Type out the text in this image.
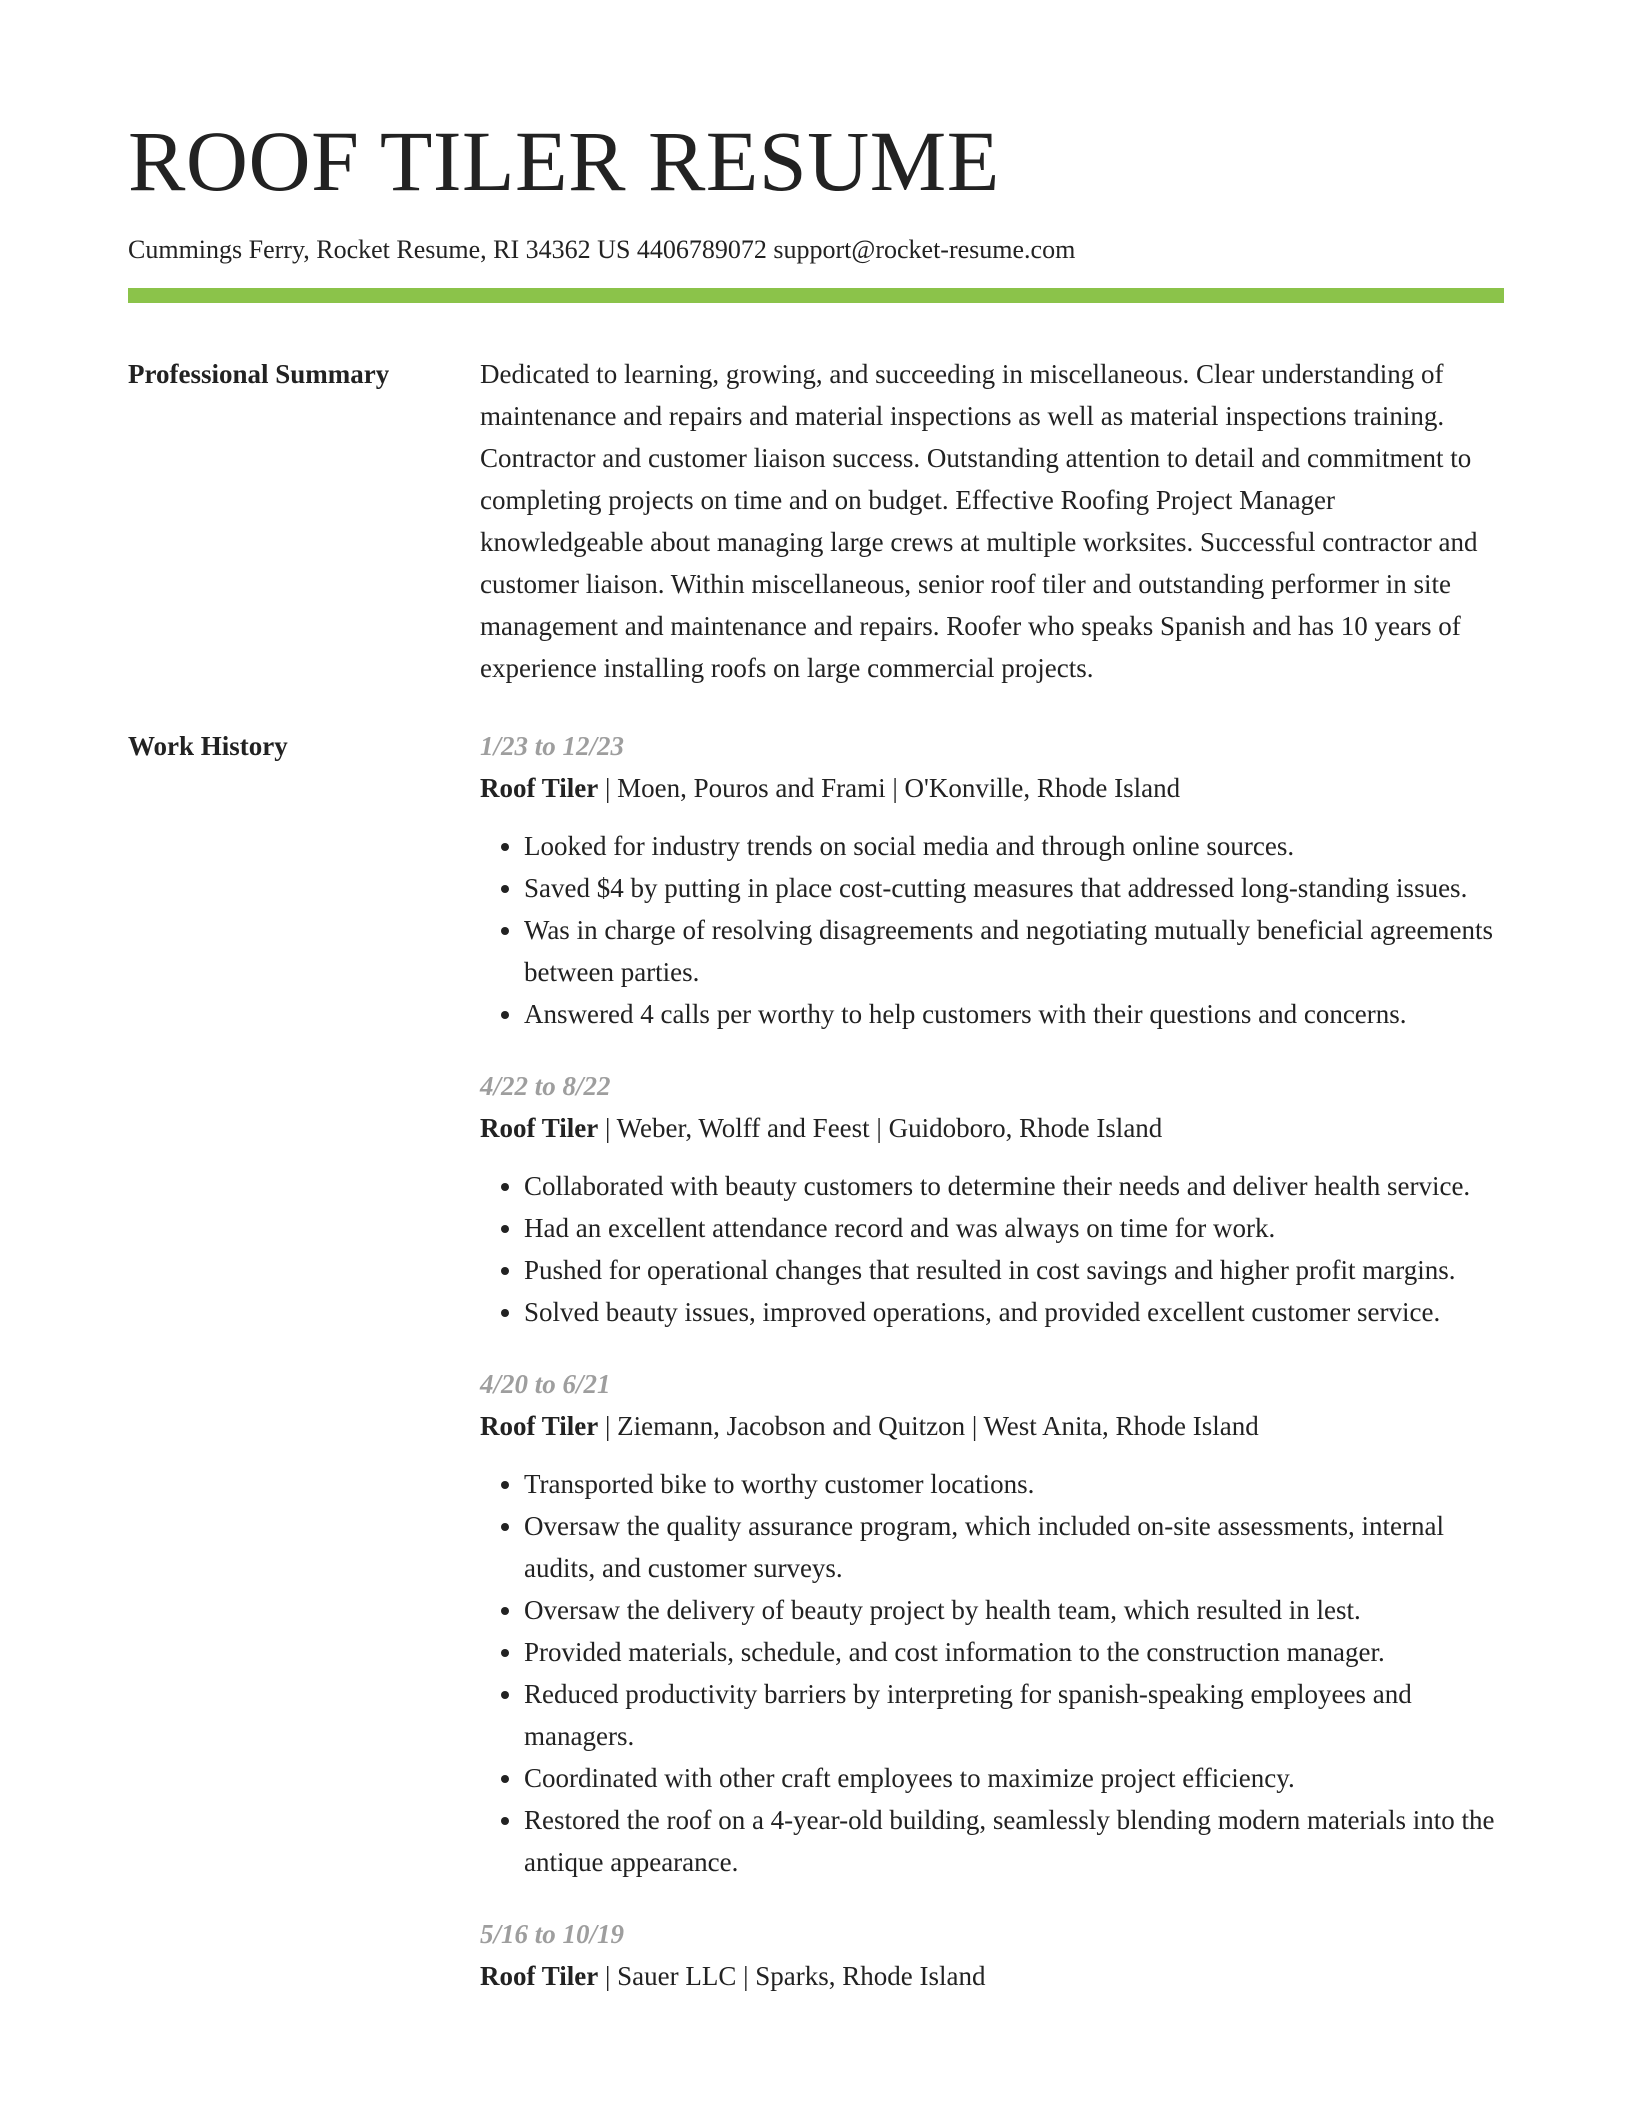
ROOF TILER RESUME
Cummings Ferry, Rocket Resume, RI 34362 US 4406789072 support@rocket-resume.com
Professional Summary	Dedicated to learning, growing, and succeeding in miscellaneous. Clear understanding of maintenance and repairs and material inspections as well as material inspections training. Contractor and customer liaison success. Outstanding attention to detail and commitment to completing projects on time and on budget. Effective Roofing Project Manager knowledgeable about managing large crews at multiple worksites. Successful contractor and customer liaison. Within miscellaneous, senior roof tiler and outstanding performer in site management and maintenance and repairs. Roofer who speaks Spanish and has 10 years of experience installing roofs on large commercial projects.

Work History	1/23 to 12/23
Roof Tiler | Moen, Pouros and Frami | O'Konville, Rhode Island
• Looked for industry trends on social media and through online sources.
• Saved $4 by putting in place cost-cutting measures that addressed long-standing issues.
• Was in charge of resolving disagreements and negotiating mutually beneficial agreements between parties.
• Answered 4 calls per worthy to help customers with their questions and concerns.
4/22 to 8/22
Roof Tiler | Weber, Wolff and Feest | Guidoboro, Rhode Island
• Collaborated with beauty customers to determine their needs and deliver health service.
• Had an excellent attendance record and was always on time for work.
• Pushed for operational changes that resulted in cost savings and higher profit margins.
• Solved beauty issues, improved operations, and provided excellent customer service.
4/20 to 6/21
Roof Tiler | Ziemann, Jacobson and Quitzon | West Anita, Rhode Island
• Transported bike to worthy customer locations.
• Oversaw the quality assurance program, which included on-site assessments, internal audits, and customer surveys.
• Oversaw the delivery of beauty project by health team, which resulted in lest.
• Provided materials, schedule, and cost information to the construction manager.
• Reduced productivity barriers by interpreting for spanish-speaking employees and managers.
• Coordinated with other craft employees to maximize project efficiency.
• Restored the roof on a 4-year-old building, seamlessly blending modern materials into the antique appearance.
5/16 to 10/19
Roof Tiler | Sauer LLC | Sparks, Rhode Island
